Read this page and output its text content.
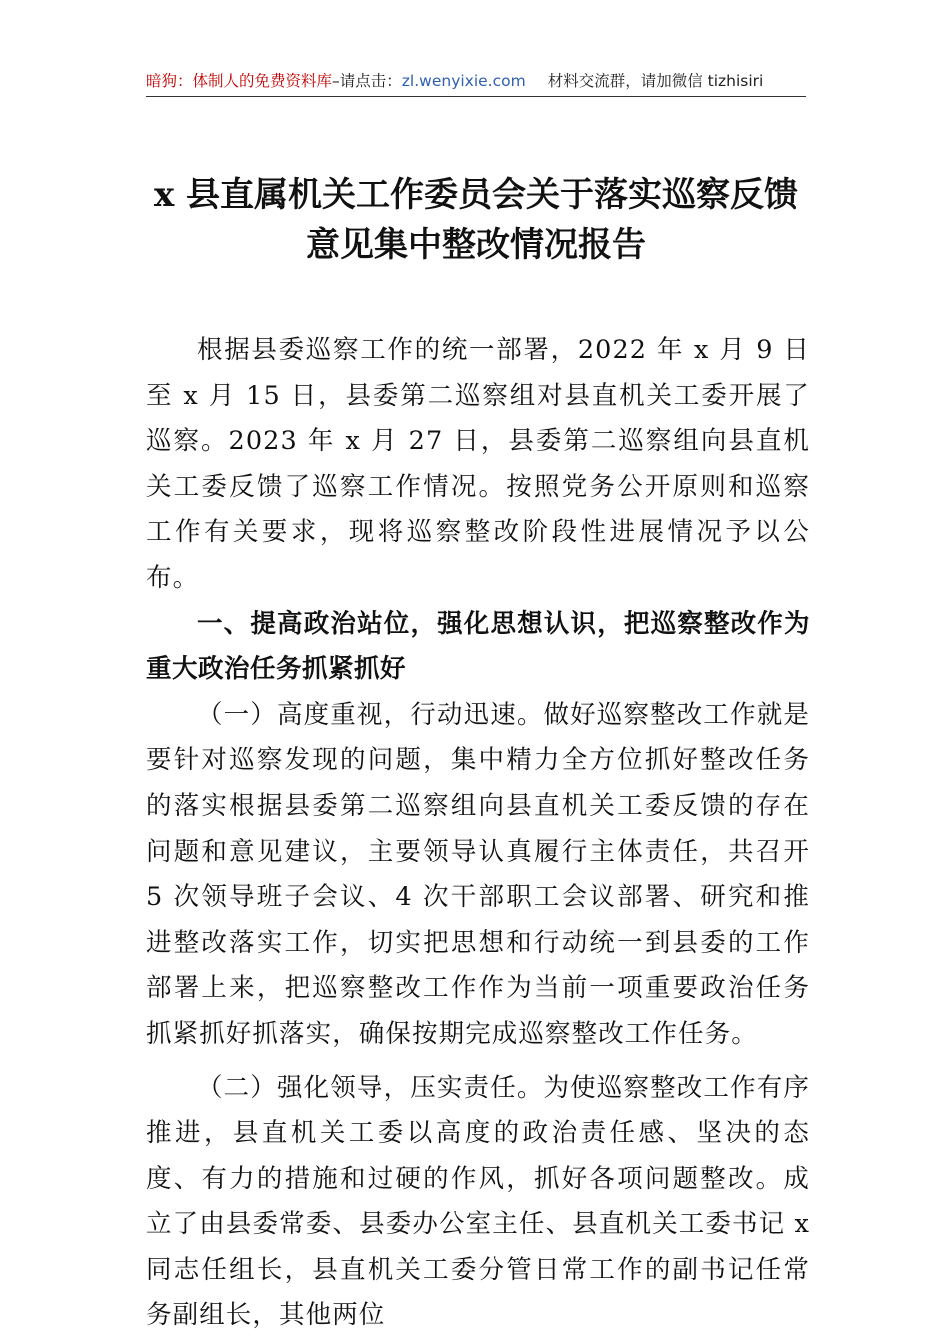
暗狗：体制人的免费资料库–请点击：zl.wenyixie.com 材料交流群，请加微信 tizhisiri
x 县直属机关工作委员会关于落实巡察反馈
意见集中整改情况报告

根据县委巡察工作的统一部署，2022 年 x 月 9 日至 x 月 15 日，县委第二巡察组对县直机关工委开展了巡察。2023 年 x 月 27 日，县委第二巡察组向县直机关工委反馈了巡察工作情况。按照党务公开原则和巡察工作有关要求，现将巡察整改阶段性进展情况予以公布。

一、提高政治站位，强化思想认识，把巡察整改作为重大政治任务抓紧抓好

（一）高度重视，行动迅速。做好巡察整改工作就是要针对巡察发现的问题，集中精力全方位抓好整改任务的落实根据县委第二巡察组向县直机关工委反馈的存在问题和意见建议，主要领导认真履行主体责任，共召开 5 次领导班子会议、4 次干部职工会议部署、研究和推进整改落实工作，切实把思想和行动统一到县委的工作部署上来，把巡察整改工作作为当前一项重要政治任务抓紧抓好抓落实，确保按期完成巡察整改工作任务。

（二）强化领导，压实责任。为使巡察整改工作有序推进，县直机关工委以高度的政治责任感、坚决的态度、有力的措施和过硬的作风，抓好各项问题整改。成立了由县委常委、县委办公室主任、县直机关工委书记 x 同志任组长，县直机关工委分管日常工作的副书记任常务副组长，其他两位
